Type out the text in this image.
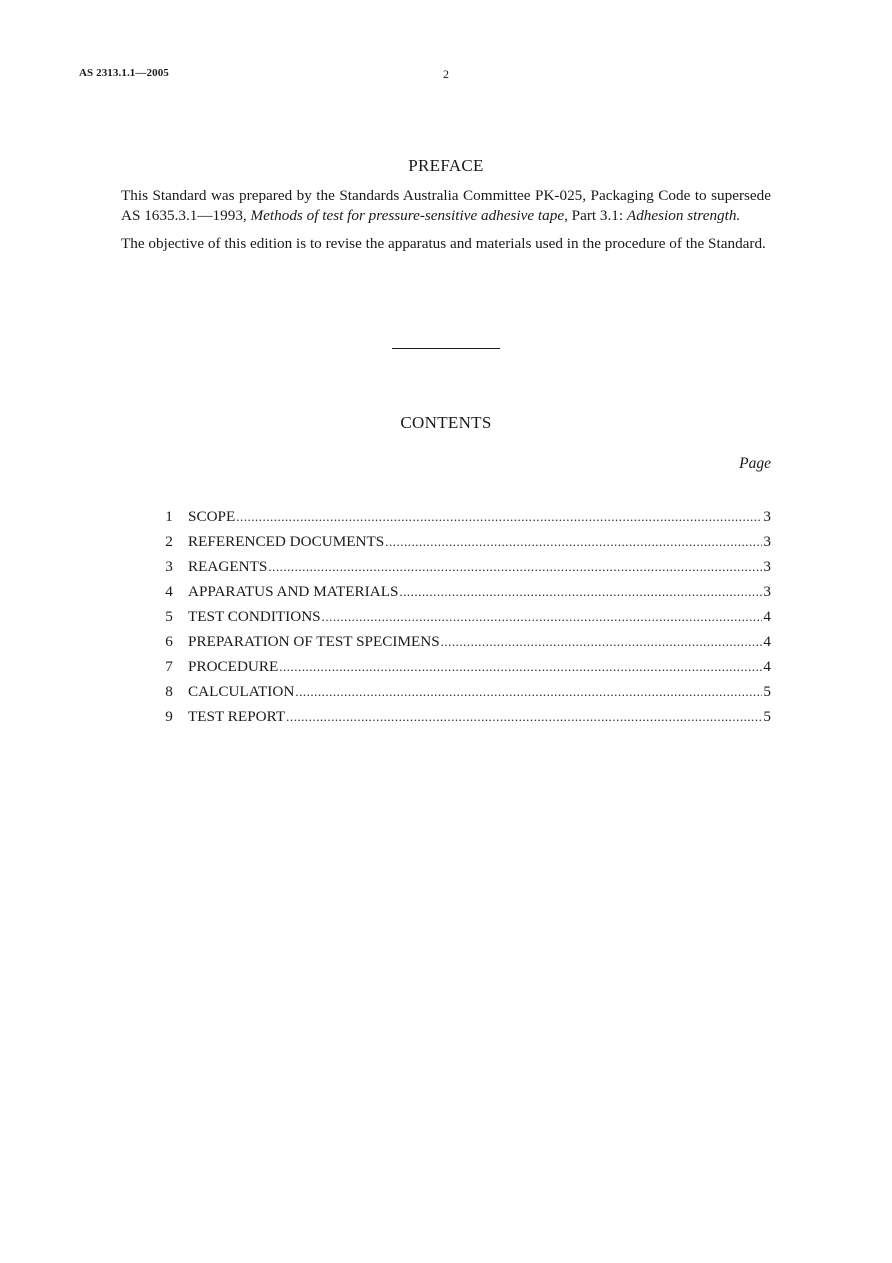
AS 2313.1.1—2005	2
PREFACE

This Standard was prepared by the Standards Australia Committee PK-025, Packaging Code to supersede AS 1635.3.1—1993, Methods of test for pressure-sensitive adhesive tape, Part 3.1: Adhesion strength.

The objective of this edition is to revise the apparatus and materials used in the procedure of the Standard.

CONTENTS
Page
1	SCOPE .....	3
2	REFERENCED DOCUMENTS .....	3
3	REAGENTS .....	3
4	APPARATUS AND MATERIALS .....	3
5	TEST CONDITIONS .....	4
6	PREPARATION OF TEST SPECIMENS .....	4
7	PROCEDURE .....	4
8	CALCULATION .....	5
9	TEST REPORT .....	5
